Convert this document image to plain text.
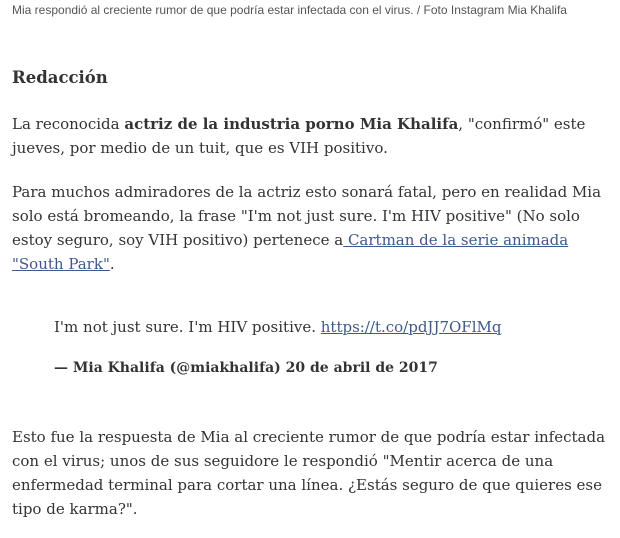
Mia respondió al creciente rumor de que podría estar infectada con el virus. / Foto Instagram Mia Khalifa
Redacción

La reconocida actriz de la industria porno Mia Khalifa, "confirmó" este jueves, por medio de un tuit, que es VIH positivo.

Para muchos admiradores de la actriz esto sonará fatal, pero en realidad Mia solo está bromeando, la frase "I'm not just sure. I'm HIV positive" (No solo estoy seguro, soy VIH positivo) pertenece a Cartman de la serie animada "South Park".

I'm not just sure. I'm HIV positive. https://t.co/pdJJ7OFlMq
— Mia Khalifa (@miakhalifa) 20 de abril de 2017

Esto fue la respuesta de Mia al creciente rumor de que podría estar infectada con el virus; unos de sus seguidore le respondió "Mentir acerca de una enfermedad terminal para cortar una línea. ¿Estás seguro de que quieres ese tipo de karma?".
